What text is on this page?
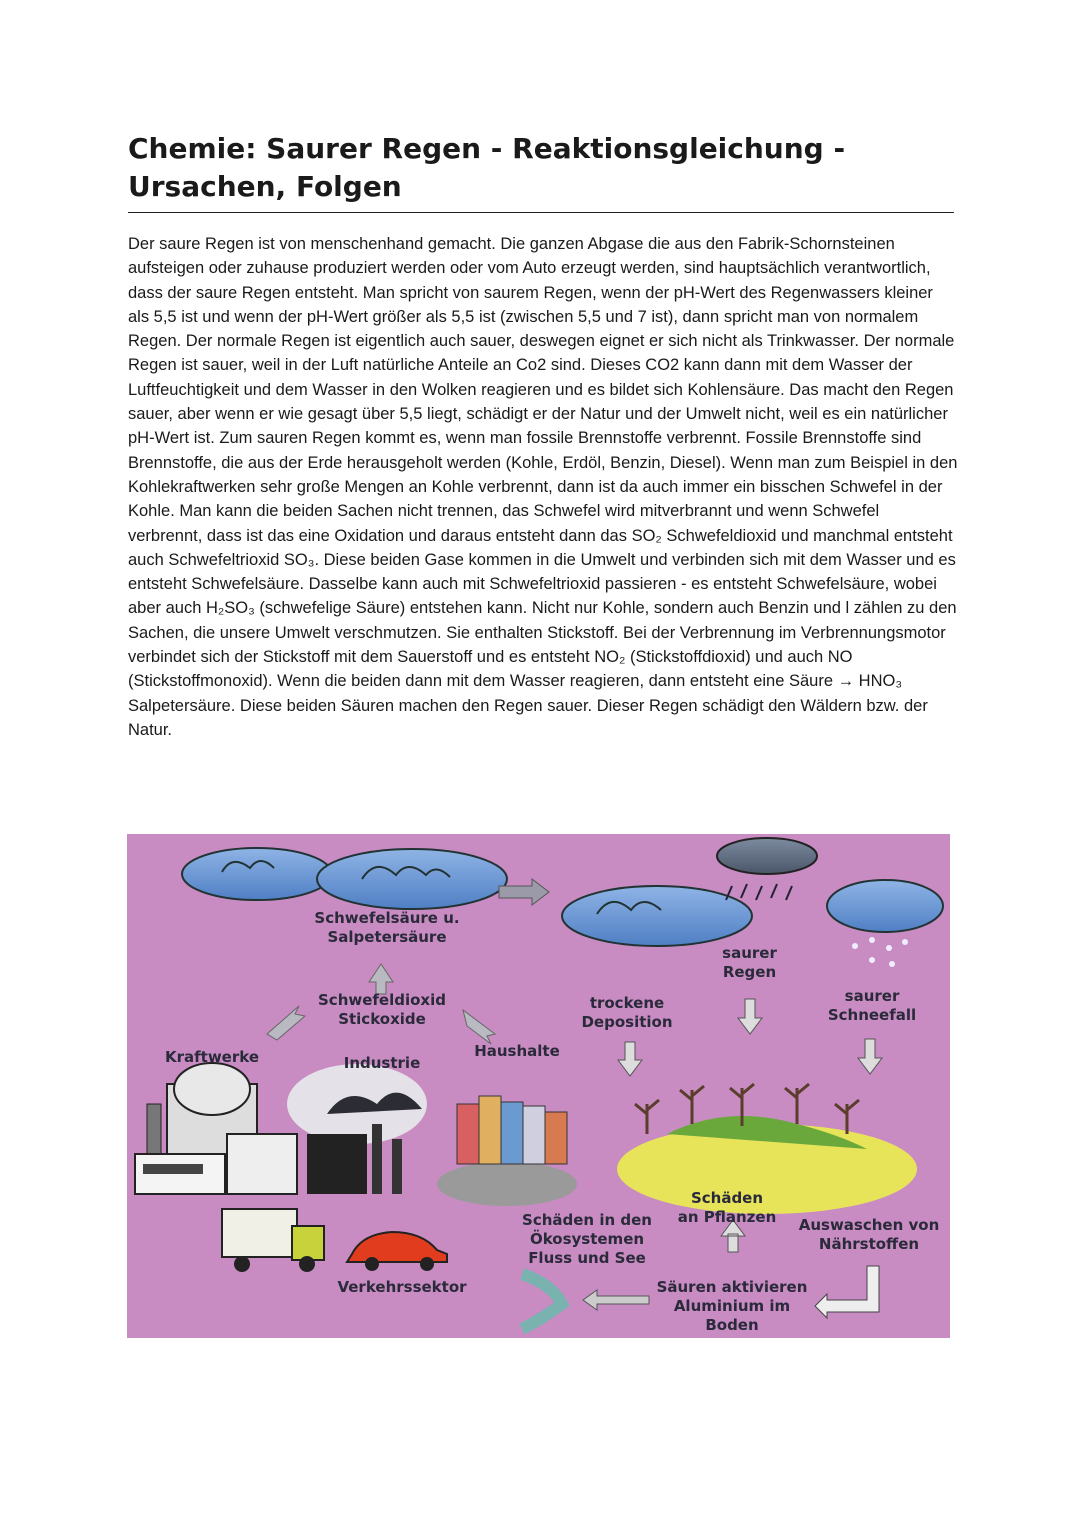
Chemie: Saurer Regen - Reaktionsgleichung - Ursachen, Folgen

Der saure Regen ist von menschenhand gemacht. Die ganzen Abgase die aus den Fabrik-Schornsteinen aufsteigen oder zuhause produziert werden oder vom Auto erzeugt werden, sind hauptsächlich verantwortlich, dass der saure Regen entsteht. Man spricht von saurem Regen, wenn der pH-Wert des Regenwassers kleiner als 5,5 ist und wenn der pH-Wert größer als 5,5 ist (zwischen 5,5 und 7 ist), dann spricht man von normalem Regen. Der normale Regen ist eigentlich auch sauer, deswegen eignet er sich nicht als Trinkwasser. Der normale Regen ist sauer, weil in der Luft natürliche Anteile an Co2 sind. Dieses CO2 kann dann mit dem Wasser der Luftfeuchtigkeit und dem Wasser in den Wolken reagieren und es bildet sich Kohlensäure. Das macht den Regen sauer, aber wenn er wie gesagt über 5,5 liegt, schädigt er der Natur und der Umwelt nicht, weil es ein natürlicher pH-Wert ist. Zum sauren Regen kommt es, wenn man fossile Brennstoffe verbrennt. Fossile Brennstoffe sind Brennstoffe, die aus der Erde herausgeholt werden (Kohle, Erdöl, Benzin, Diesel). Wenn man zum Beispiel in den Kohlekraftwerken sehr große Mengen an Kohle verbrennt, dann ist da auch immer ein bisschen Schwefel in der Kohle. Man kann die beiden Sachen nicht trennen, das Schwefel wird mitverbrannt und wenn Schwefel verbrennt, dass ist das eine Oxidation und daraus entsteht dann das SO₂ Schwefeldioxid und manchmal entsteht auch Schwefeltrioxid SO₃. Diese beiden Gase kommen in die Umwelt und verbinden sich mit dem Wasser und es entsteht Schwefelsäure. Dasselbe kann auch mit Schwefeltrioxid passieren - es entsteht Schwefelsäure, wobei aber auch H₂SO₃ (schwefelige Säure) entstehen kann. Nicht nur Kohle, sondern auch Benzin und l zählen zu den Sachen, die unsere Umwelt verschmutzen. Sie enthalten Stickstoff. Bei der Verbrennung im Verbrennungsmotor verbindet sich der Stickstoff mit dem Sauerstoff und es entsteht NO₂ (Stickstoffdioxid) und auch NO (Stickstoffmonoxid). Wenn die beiden dann mit dem Wasser reagieren, dann entsteht eine Säure → HNO₃ Salpetersäure. Diese beiden Säuren machen den Regen sauer. Dieser Regen schädigt den Wäldern bzw. der Natur.

Schwefelsäure u.
Salpetersäure
Schwefeldioxid
Stickoxide
Industrie
Kraftwerke	Haushalte
trockene
Deposition
saurer
Regen
saurer
Schneefall
Schäden
an Pflanzen
Schäden in den
Ökosystemen
Fluss und See
Auswaschen von
Nährstoffen
Säuren aktivieren
Aluminium im
Boden
Verkehrssektor
